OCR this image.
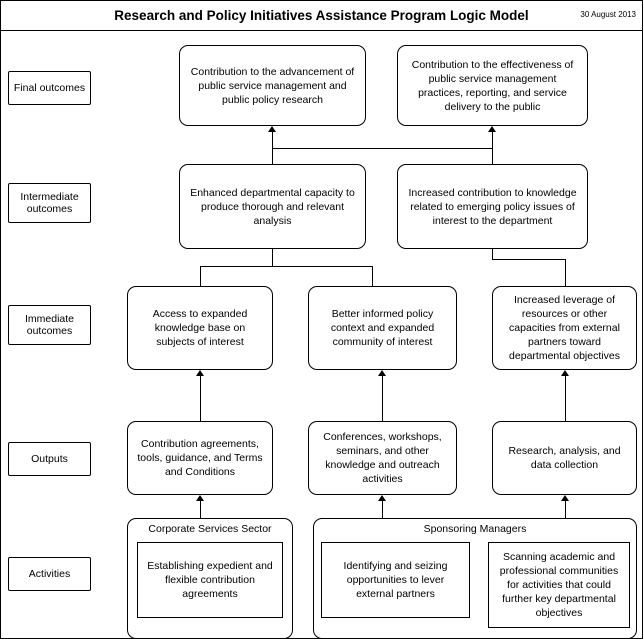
Research and Policy Initiatives Assistance Program Logic Model	30 August 2013
Final outcomes
Intermediate outcomes
Immediate outcomes
Outputs
Activities
Contribution to the advancement of public service management and public policy research
Contribution to the effectiveness of public service management practices, reporting, and service delivery to the public
Enhanced departmental capacity to produce thorough and relevant analysis
Increased contribution to knowledge related to emerging policy issues of interest to the department
Access to expanded knowledge base on subjects of interest
Better informed policy context and expanded community of interest
Increased leverage of resources or other capacities from external partners toward departmental objectives
Contribution agreements, tools, guidance, and Terms and Conditions
Conferences, workshops, seminars, and other knowledge and outreach activities
Research, analysis, and data collection
Corporate Services Sector
Establishing expedient and flexible contribution agreements
Sponsoring Managers
Identifying and seizing opportunities to lever external partners
Scanning academic and professional communities for activities that could further key departmental objectives
